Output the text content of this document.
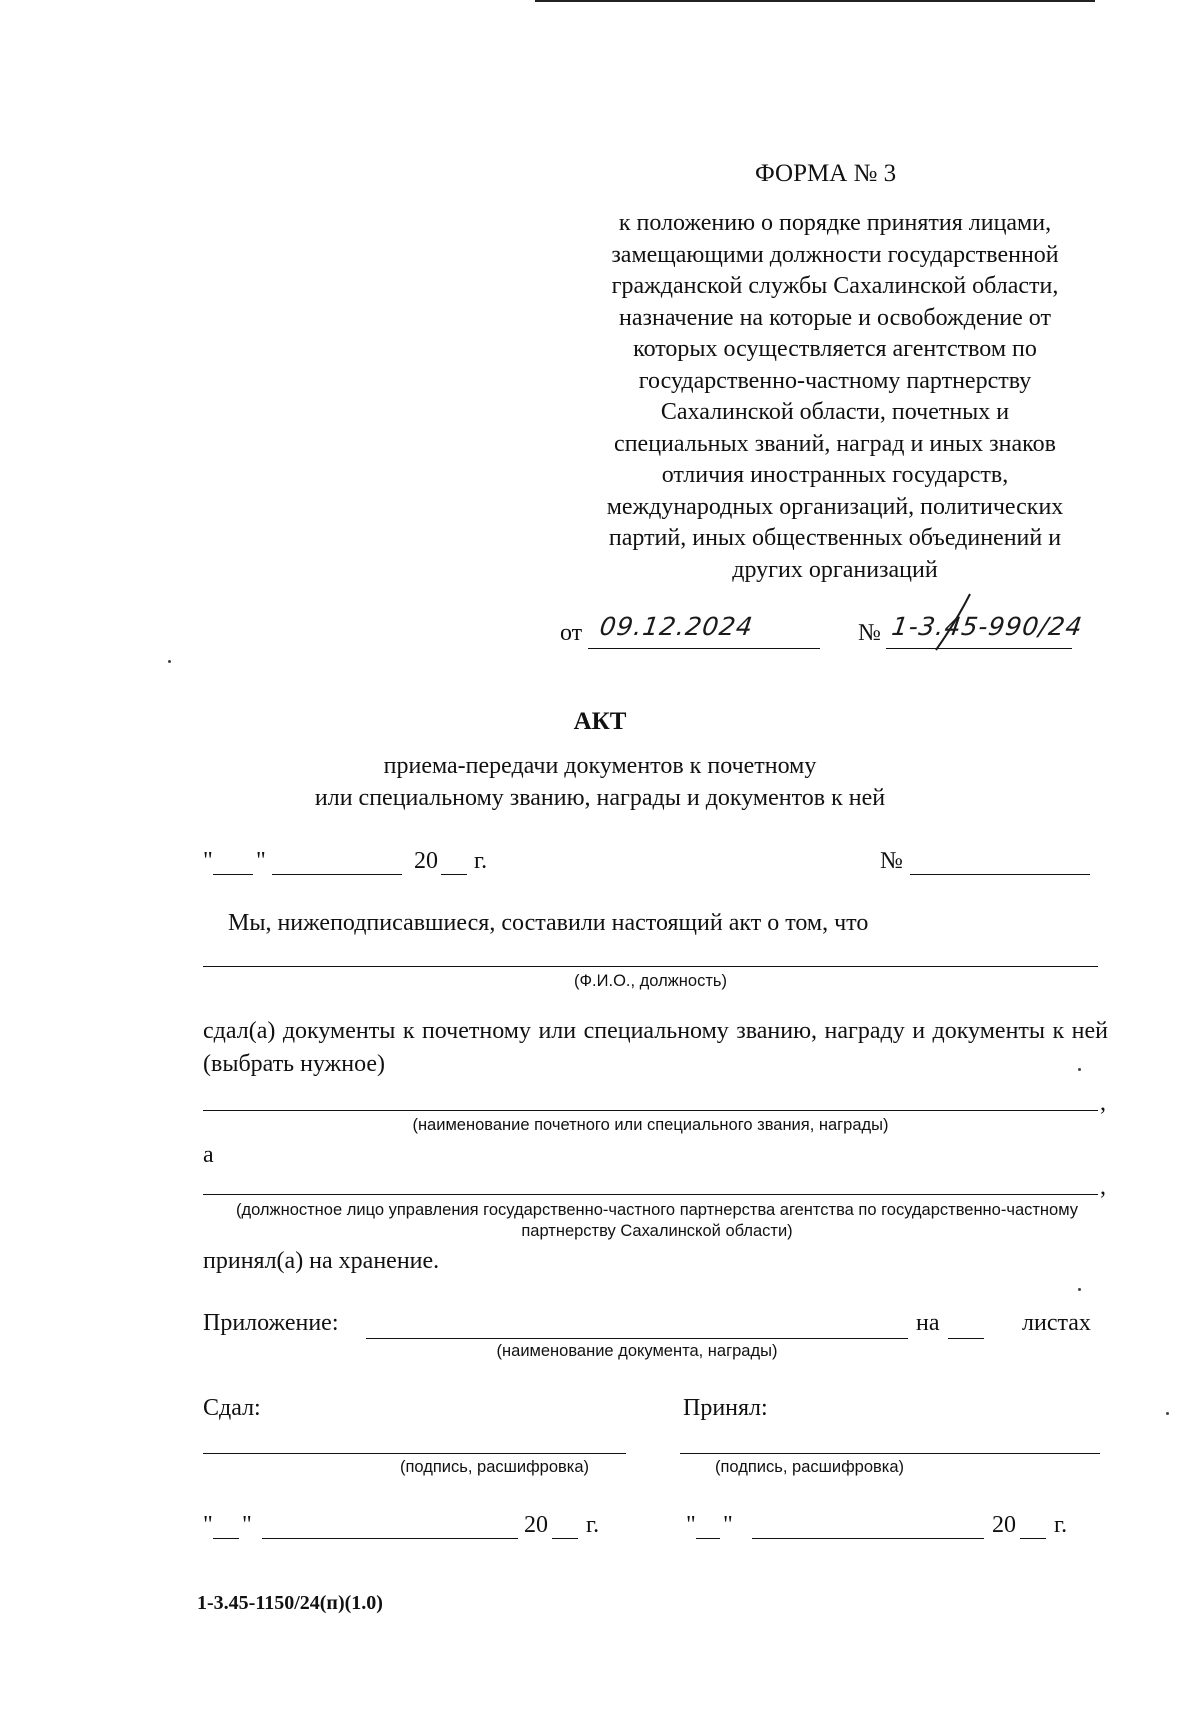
ФОРМА № 3
к положению о порядке принятия лицами,
замещающими должности государственной
гражданской службы Сахалинской области,
назначение на которые и освобождение от
которых осуществляется агентством по
государственно-частному партнерству
Сахалинской области, почетных и
специальных званий, наград и иных знаков
отличия иностранных государств,
международных организаций, политических
партий, иных общественных объединений и
других организаций
от 09.12.2024	№ 1-3.45-990/24
АКТ
приема-передачи документов к почетному
или специальному званию, награды и документов к ней
" "	20 г.	№
Мы, нижеподписавшиеся, составили настоящий акт о том, что
(Ф.И.О., должность)
сдал(а) документы к почетному или специальному званию, награду и документы к ней (выбрать нужное)
,
(наименование почетного или специального звания, награды)
а
,
(должностное лицо управления государственно-частного партнерства агентства по государственно-частному
партнерству Сахалинской области)
принял(а) на хранение.
Приложение:	на	листах
(наименование документа, награды)
Сдал:	Принял:
(подпись, расшифровка)	(подпись, расшифровка)
" "	20 г.	" "	20 г.
1-3.45-1150/24(п)(1.0)
